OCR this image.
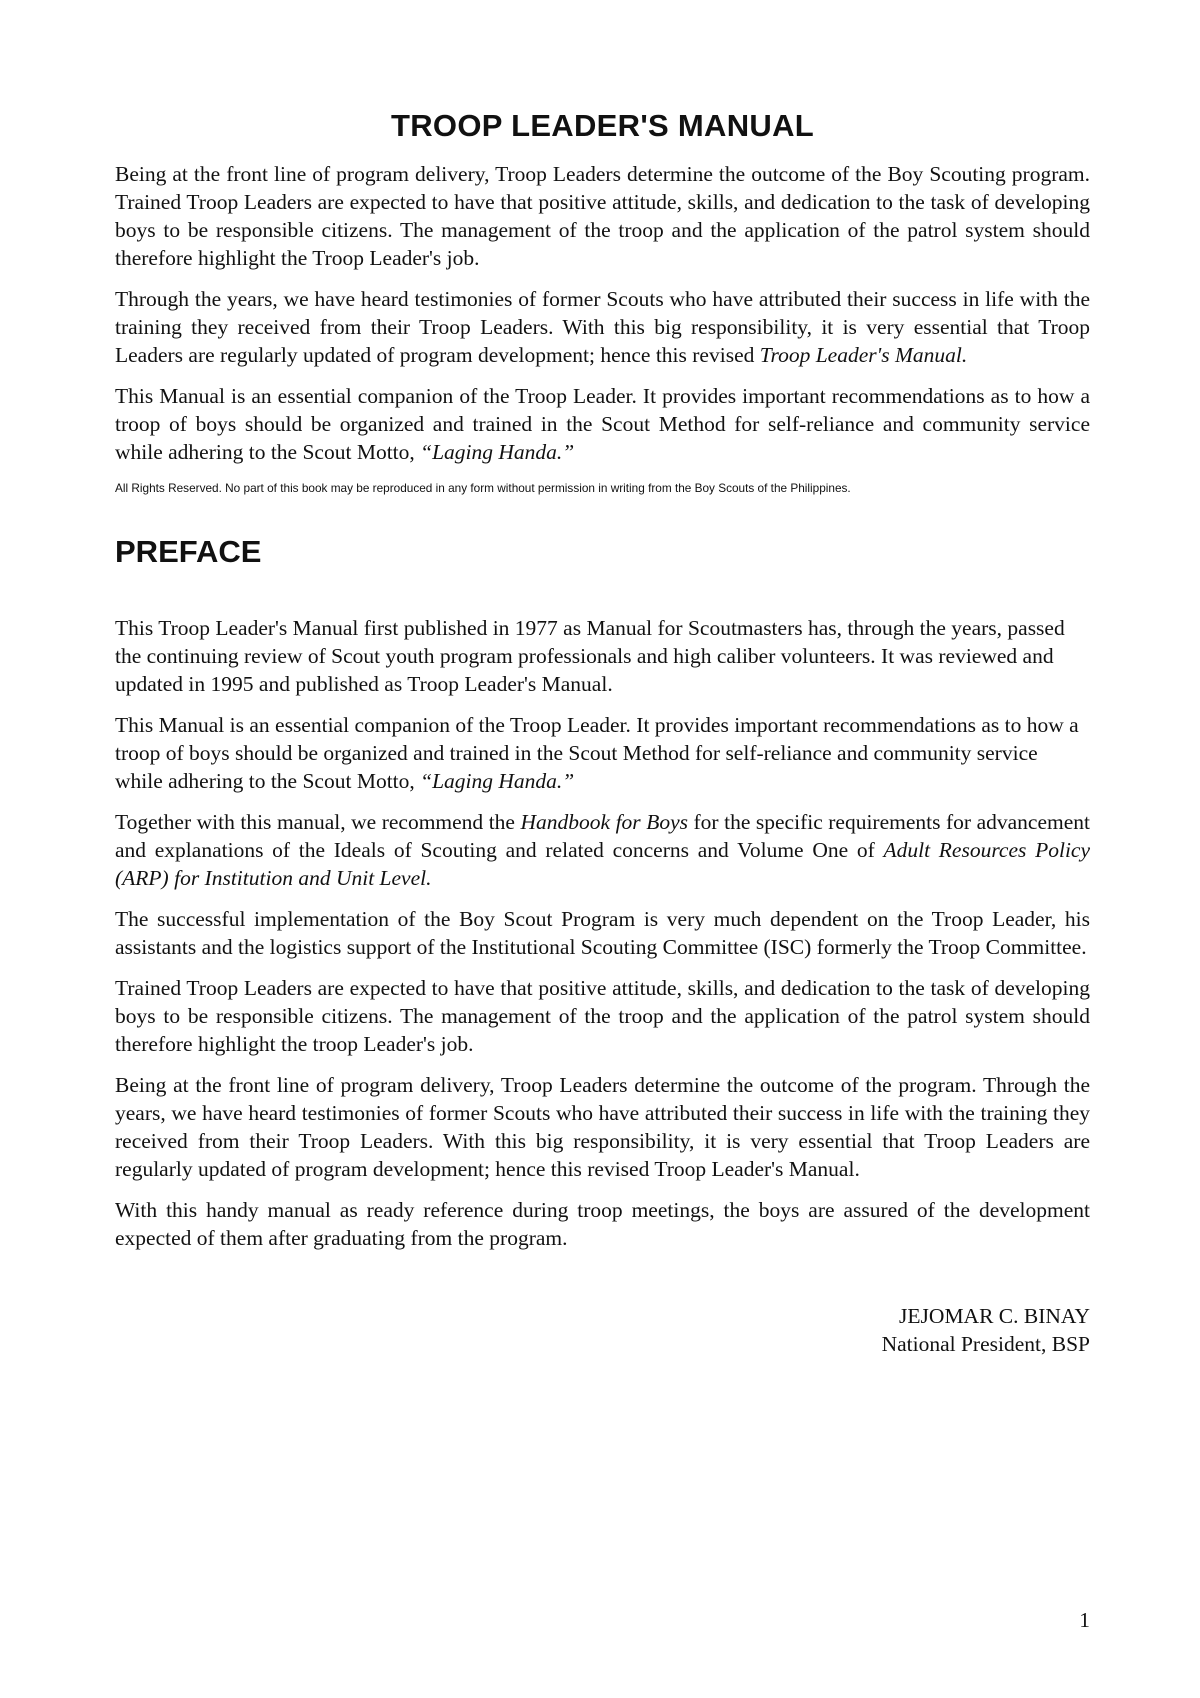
TROOP LEADER'S MANUAL

Being at the front line of program delivery, Troop Leaders determine the outcome of the Boy Scouting program. Trained Troop Leaders are expected to have that positive attitude, skills, and dedication to the task of developing boys to be responsible citizens. The management of the troop and the application of the patrol system should therefore highlight the Troop Leader's job.

Through the years, we have heard testimonies of former Scouts who have attributed their success in life with the training they received from their Troop Leaders. With this big responsibility, it is very essential that Troop Leaders are regularly updated of program development; hence this revised Troop Leader's Manual.

This Manual is an essential companion of the Troop Leader. It provides important recommendations as to how a troop of boys should be organized and trained in the Scout Method for self-reliance and community service while adhering to the Scout Motto, “Laging Handa.”

All Rights Reserved. No part of this book may be reproduced in any form without permission in writing from the Boy Scouts of the Philippines.
PREFACE

This Troop Leader's Manual first published in 1977 as Manual for Scoutmasters has, through the years, passed the continuing review of Scout youth program professionals and high caliber volunteers. It was reviewed and updated in 1995 and published as Troop Leader's Manual.

This Manual is an essential companion of the Troop Leader. It provides important recommendations as to how a troop of boys should be organized and trained in the Scout Method for self-reliance and community service while adhering to the Scout Motto, “Laging Handa.”

Together with this manual, we recommend the Handbook for Boys for the specific requirements for advancement and explanations of the Ideals of Scouting and related concerns and Volume One of Adult Resources Policy (ARP) for Institution and Unit Level.

The successful implementation of the Boy Scout Program is very much dependent on the Troop Leader, his assistants and the logistics support of the Institutional Scouting Committee (ISC) formerly the Troop Committee.

Trained Troop Leaders are expected to have that positive attitude, skills, and dedication to the task of developing boys to be responsible citizens. The management of the troop and the application of the patrol system should therefore highlight the troop Leader's job.

Being at the front line of program delivery, Troop Leaders determine the outcome of the program. Through the years, we have heard testimonies of former Scouts who have attributed their success in life with the training they received from their Troop Leaders. With this big responsibility, it is very essential that Troop Leaders are regularly updated of program development; hence this revised Troop Leader's Manual.

With this handy manual as ready reference during troop meetings, the boys are assured of the development expected of them after graduating from the program.

JEJOMAR C. BINAY
National President, BSP
1
